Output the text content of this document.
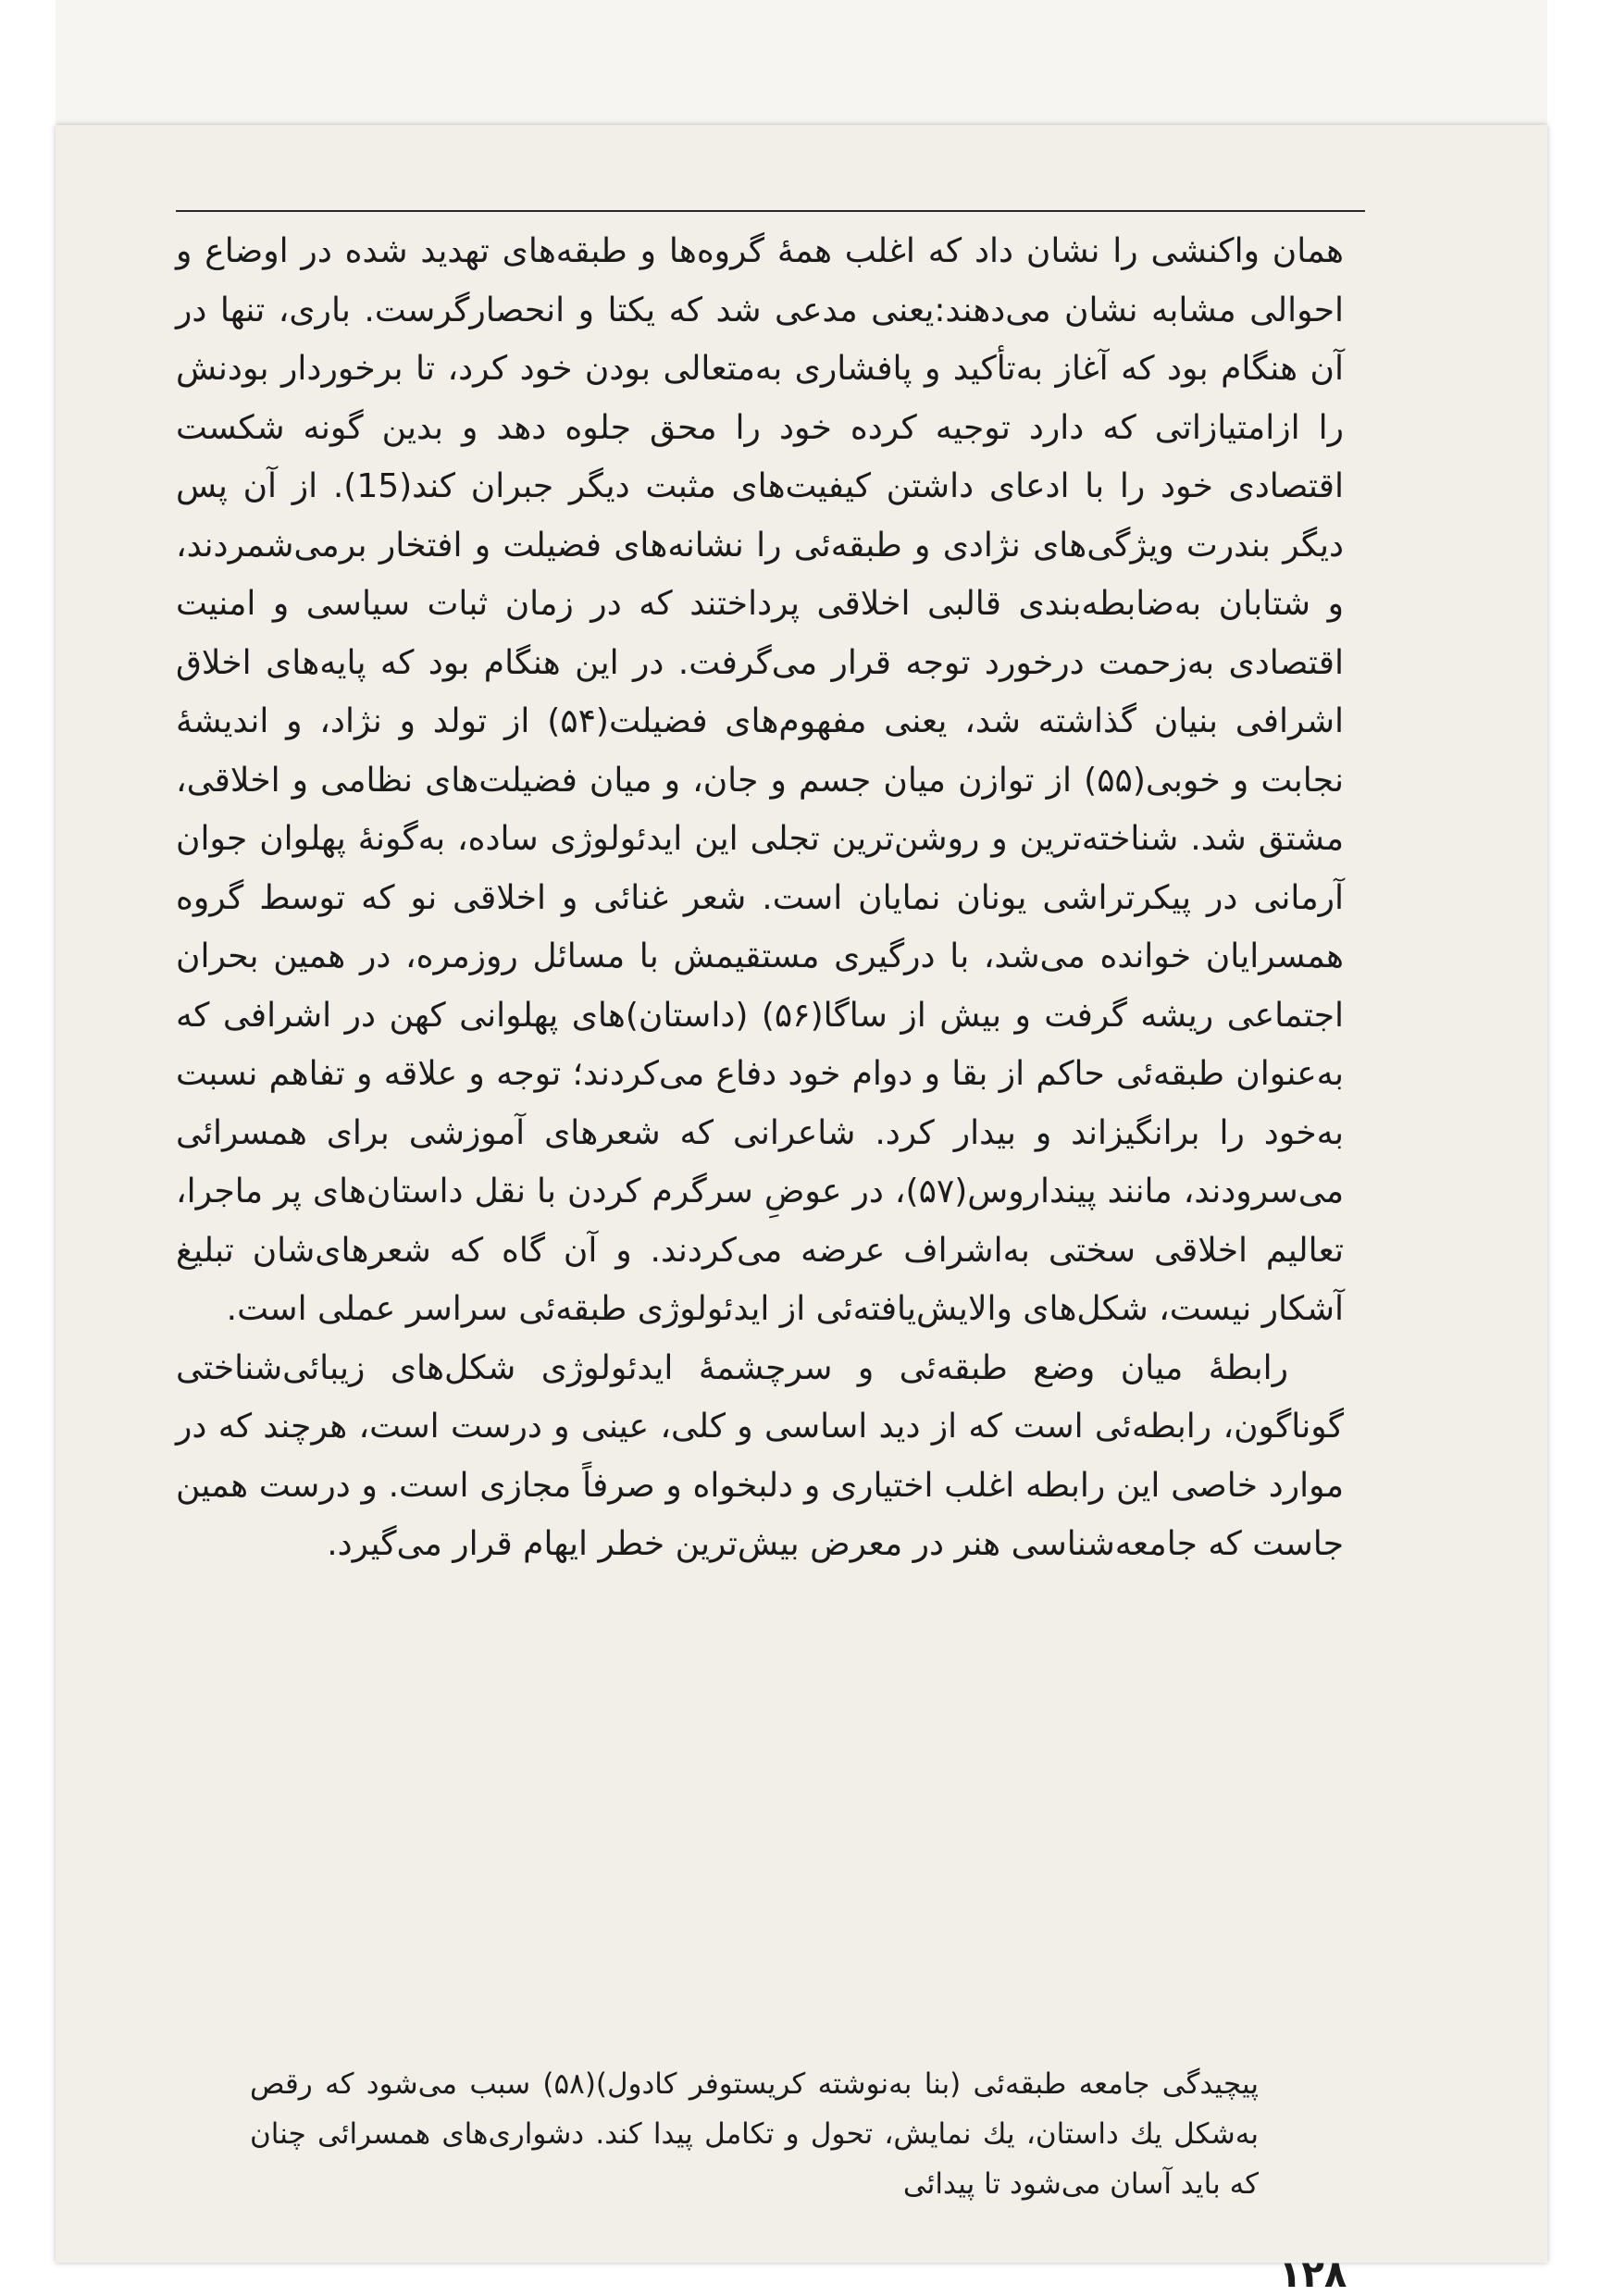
همان واکنشی را نشان داد که اغلب همهٔ گروه‌ها و طبقه‌های تهدید شده در اوضاع و احوالی مشابه نشان می‌دهند:یعنی مدعی شد که یکتا و انحصارگرست. باری، تنها در آن هنگام بود که آغاز به‌تأکید و پافشاری به‌متعالی بودن خود کرد، تا برخوردار بودنش را ازامتیازاتی که دارد توجیه کرده خود را محق جلوه دهد و بدین گونه شکست اقتصادی خود را با ادعای داشتن کیفیت‌های مثبت دیگر جبران کند(15). از آن پس دیگر بندرت ویژگی‌های نژادی و طبقه‌ئی را نشانه‌های فضیلت و افتخار برمی‌شمردند، و شتابان به‌ضابطه‌بندی قالبی اخلاقی پرداختند که در زمان ثبات سیاسی و امنیت اقتصادی به‌زحمت درخورد توجه قرار می‌گرفت. در این هنگام بود که پایه‌های اخلاق اشرافی بنیان گذاشته شد، یعنی مفهوم‌های فضیلت(۵۴) از تولد و نژاد، و اندیشهٔ نجابت و خوبی(۵۵) از توازن میان جسم و جان، و میان فضیلت‌های نظامی و اخلاقی، مشتق شد. شناخته‌ترین و روشن‌ترین تجلی این ایدئولوژی ساده، به‌گونهٔ پهلوان جوان آرمانی در پیکرتراشی یونان نمایان است. شعر غنائی و اخلاقی نو که توسط گروه همسرایان خوانده می‌شد، با درگیری مستقیمش با مسائل روزمره، در همین بحران اجتماعی ریشه گرفت و بیش از ساگا(۵۶) (داستان)های پهلوانی کهن در اشرافی که به‌عنوان طبقه‌ئی حاکم از بقا و دوام خود دفاع می‌کردند؛ توجه و علاقه و تفاهم نسبت به‌خود را برانگیزاند و بیدار کرد. شاعرانی که شعرهای آموزشی برای همسرائی می‌سرودند، مانند پینداروس(۵۷)، در عوضِ سرگرم کردن با نقل داستان‌های پر ماجرا، تعالیم اخلاقی سختی به‌اشراف عرضه می‌کردند. و آن گاه که شعرهای‌شان تبلیغ آشکار نیست، شکل‌های والایش‌یافته‌ئی از ایدئولوژی طبقه‌ئی سراسر عملی است.

رابطهٔ میان وضع طبقه‌ئی و سرچشمهٔ ایدئولوژی شکل‌های زیبائی‌شناختی گوناگون، رابطه‌ئی است که از دید اساسی و کلی، عینی و درست است، هرچند که در موارد خاصی این رابطه اغلب اختیاری و دلبخواه و صرفاً مجازی است. و درست همین جاست که جامعه‌شناسی هنر در معرض بیش‌ترین خطر ایهام قرار می‌گیرد.

پیچیدگی جامعه طبقه‌ئی (بنا به‌نوشته کریستوفر کادول)(۵۸) سبب می‌شود که رقص به‌شکل یك داستان، یك نمایش، تحول و تکامل پیدا کند. دشواری‌های همسرائی چنان که باید آسان می‌شود تا پیدائی
۱۲۸
